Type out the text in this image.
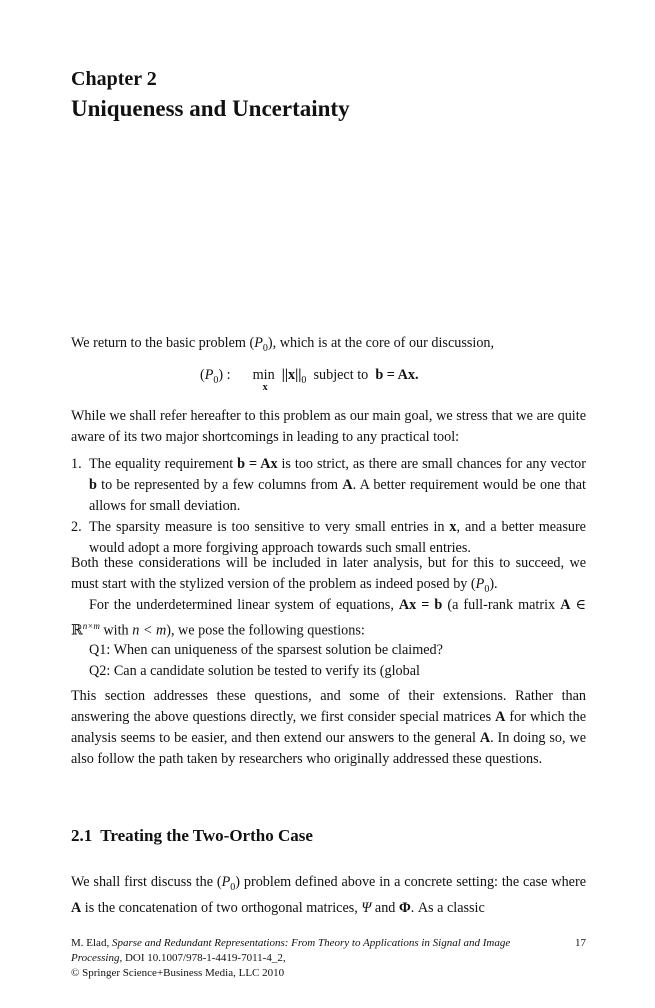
Chapter 2
Uniqueness and Uncertainty

We return to the basic problem $(P_0)$, which is at the core of our discussion,

$(P_0)$ : min
x
$||x||_0$ subject to b = Ax.

While we shall refer hereafter to this problem as our main goal, we stress that we are quite aware of its two major shortcomings in leading to any practical tool:

1. The equality requirement b = Ax is too strict, as there are small chances for any vector b to be represented by a few columns from A. A better requirement would be one that allows for small deviation.
2. The sparsity measure is too sensitive to very small entries in x, and a better measure would adopt a more forgiving approach towards such small entries.

Both these considerations will be included in later analysis, but for this to succeed, we must start with the stylized version of the problem as indeed posed by $(P_0)$.

For the underdetermined linear system of equations, Ax = b (a full-rank matrix A ∈ ℝ$^{n\times m}$ with n < m), we pose the following questions:

Q1: When can uniqueness of the sparsest solution be claimed?
Q2: Can a candidate solution be tested to verify its (global

This section addresses these questions, and some of their extensions. Rather than answering the above questions directly, we first consider special matrices A for which the analysis seems to be easier, and then extend our answers to the general A. In doing so, we also follow the path taken by researchers who originally addressed these questions.

2.1 Treating the Two-Ortho Case

We shall first discuss the $(P_0)$ problem defined above in a concrete setting: the case where A is the concatenation of two orthogonal matrices, Ψ and Φ. As a classic

17
M. Elad, Sparse and Redundant Representations: From Theory to Applications in Signal and Image Processing, DOI 10.1007/978-1-4419-7011-4_2,
© Springer Science+Business Media, LLC 2010
